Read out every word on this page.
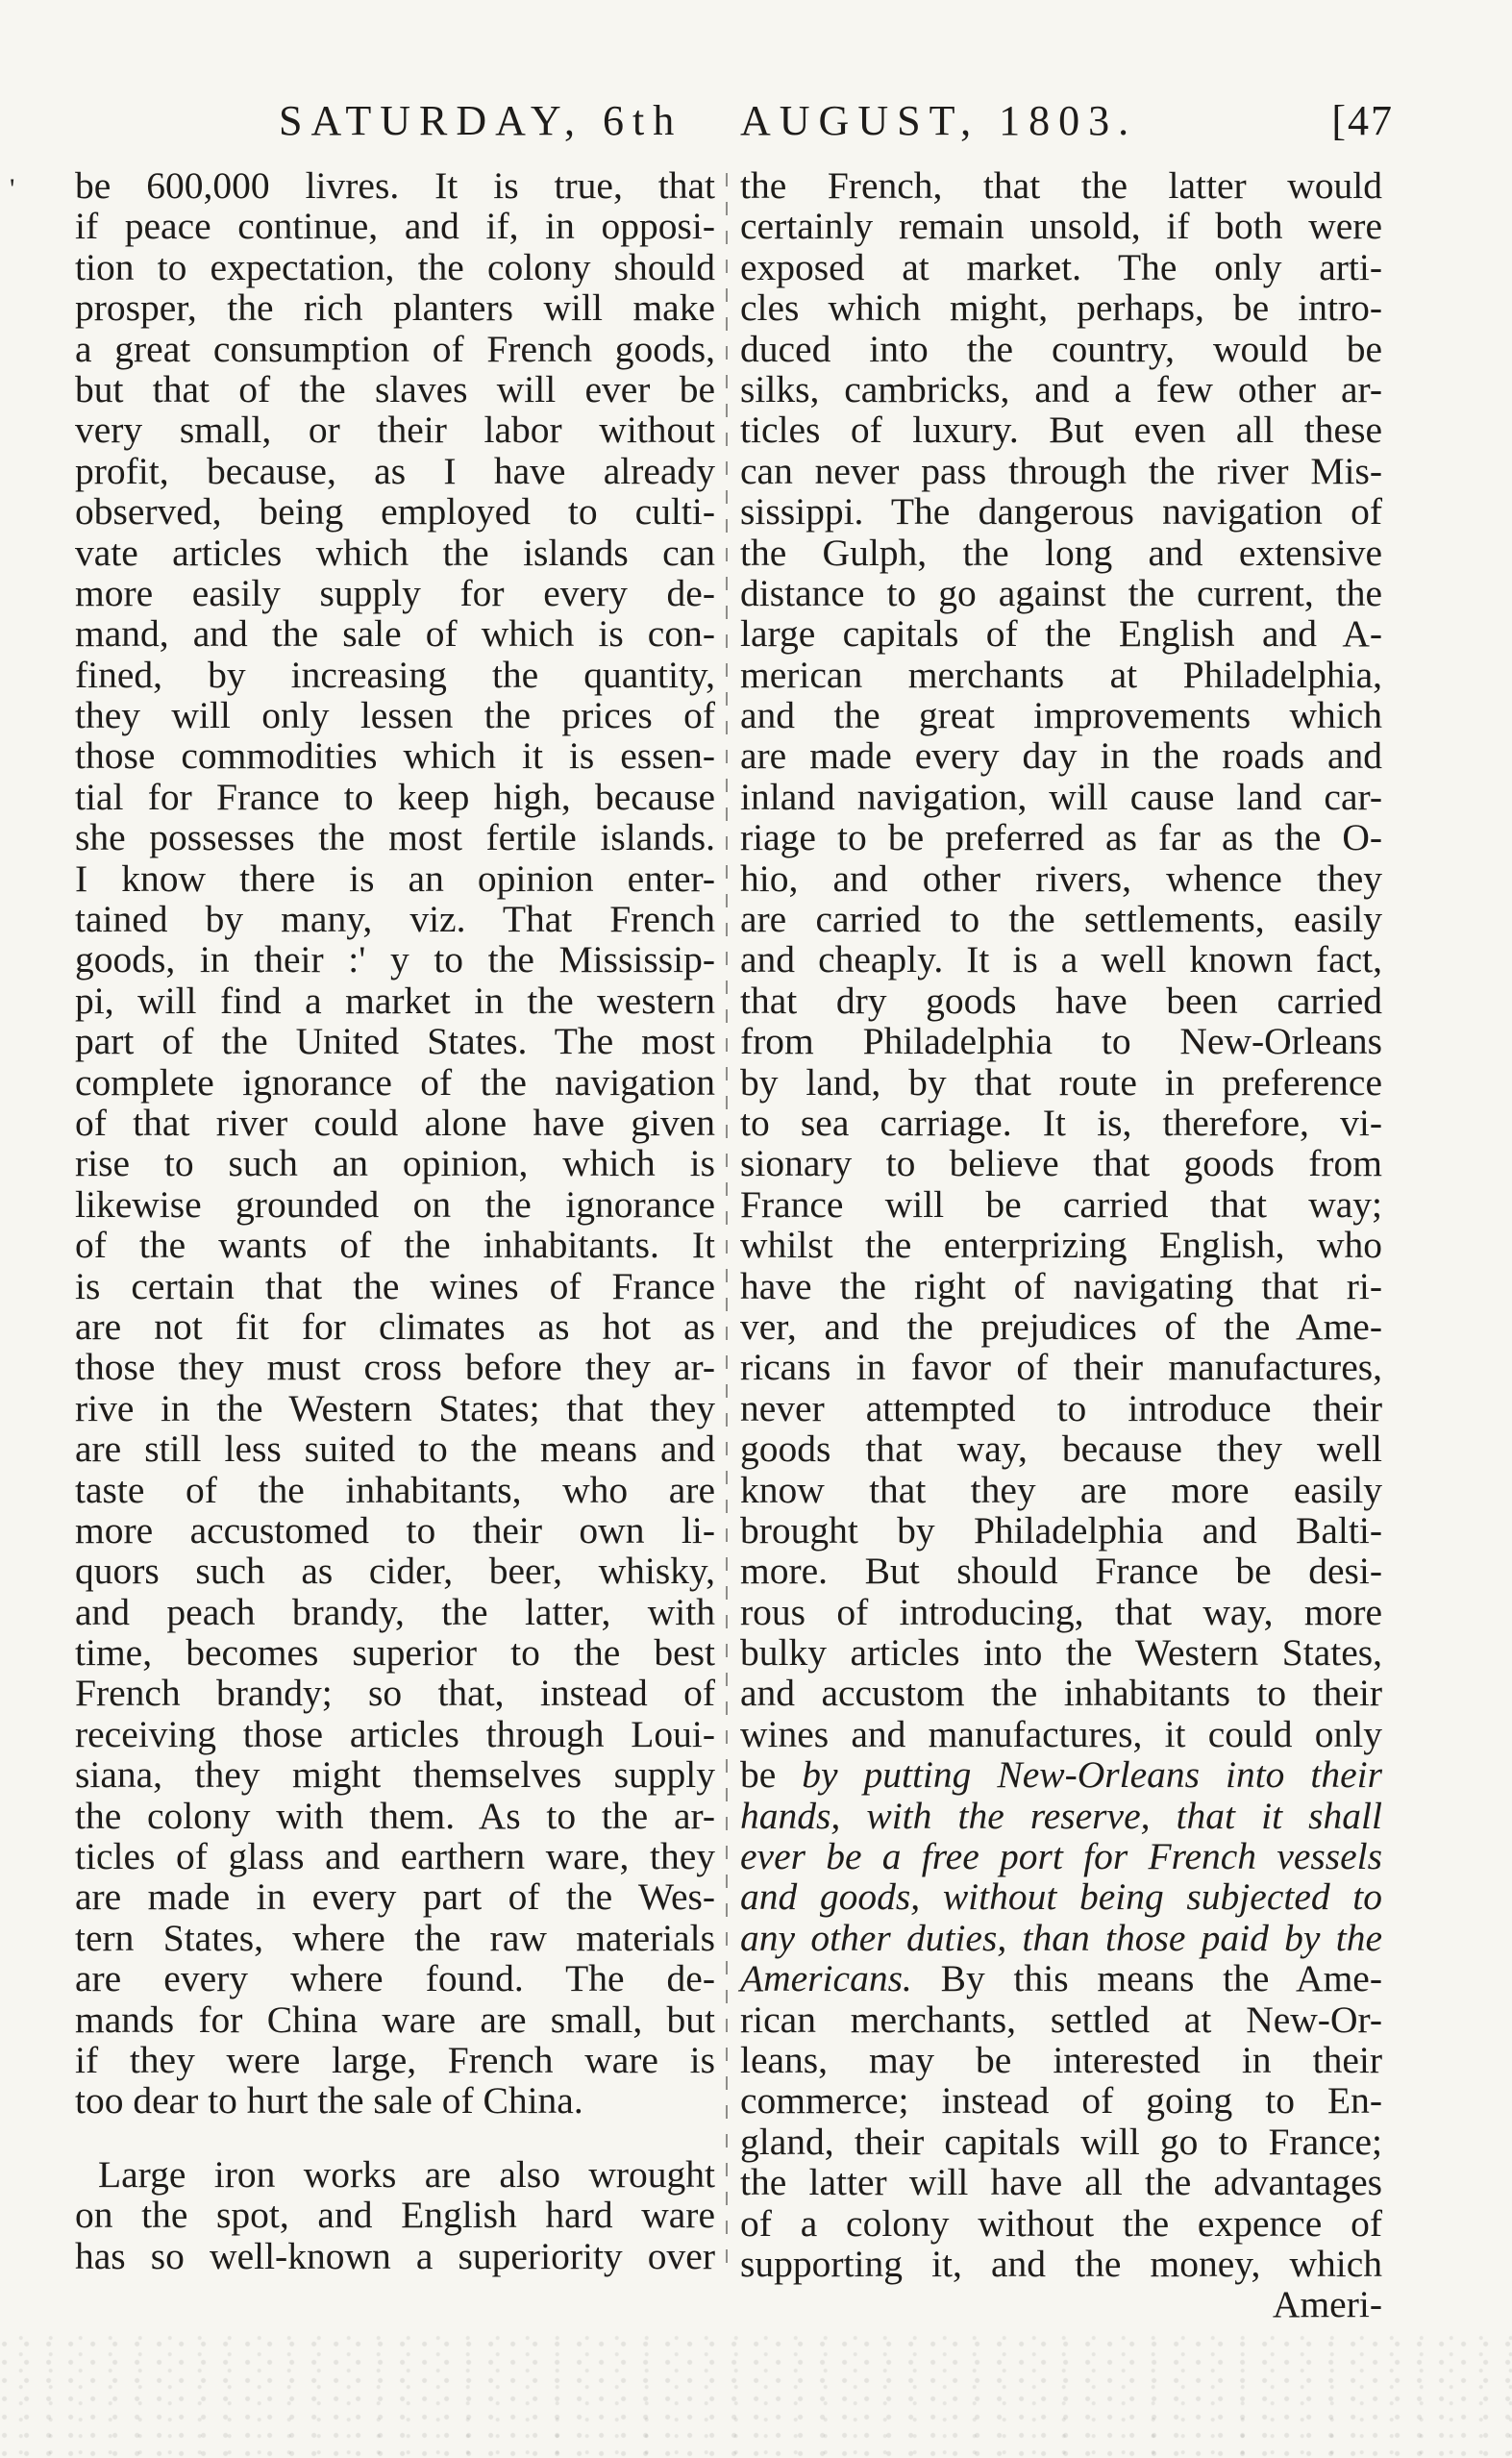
'
SATURDAY, 6th AUGUST, 1803.	[47
be 600,000 livres. It is true, that
if peace continue, and if, in opposi-
tion to expectation, the colony should
prosper, the rich planters will make
a great consumption of French goods,
but that of the slaves will ever be
very small, or their labor without
profit, because, as I have already
observed, being employed to culti-
vate articles which the islands can
more easily supply for every de-
mand, and the sale of which is con-
fined, by increasing the quantity,
they will only lessen the prices of
those commodities which it is essen-
tial for France to keep high, because
she possesses the most fertile islands.
I know there is an opinion enter-
tained by many, viz. That French
goods, in their :' y to the Mississip-
pi, will find a market in the western
part of the United States. The most
complete ignorance of the navigation
of that river could alone have given
rise to such an opinion, which is
likewise grounded on the ignorance
of the wants of the inhabitants. It
is certain that the wines of France
are not fit for climates as hot as
those they must cross before they ar-
rive in the Western States; that they
are still less suited to the means and
taste of the inhabitants, who are
more accustomed to their own li-
quors such as cider, beer, whisky,
and peach brandy, the latter, with
time, becomes superior to the best
French brandy; so that, instead of
receiving those articles through Loui-
siana, they might themselves supply
the colony with them. As to the ar-
ticles of glass and earthern ware, they
are made in every part of the Wes-
tern States, where the raw materials
are every where found. The de-
mands for China ware are small, but
if they were large, French ware is
too dear to hurt the sale of China.
Large iron works are also wrought
on the spot, and English hard ware
has so well-known a superiority over
the French, that the latter would
certainly remain unsold, if both were
exposed at market. The only arti-
cles which might, perhaps, be intro-
duced into the country, would be
silks, cambricks, and a few other ar-
ticles of luxury. But even all these
can never pass through the river Mis-
sissippi. The dangerous navigation of
the Gulph, the long and extensive
distance to go against the current, the
large capitals of the English and A-
merican merchants at Philadelphia,
and the great improvements which
are made every day in the roads and
inland navigation, will cause land car-
riage to be preferred as far as the O-
hio, and other rivers, whence they
are carried to the settlements, easily
and cheaply. It is a well known fact,
that dry goods have been carried
from Philadelphia to New-Orleans
by land, by that route in preference
to sea carriage. It is, therefore, vi-
sionary to believe that goods from
France will be carried that way;
whilst the enterprizing English, who
have the right of navigating that ri-
ver, and the prejudices of the Ame-
ricans in favor of their manufactures,
never attempted to introduce their
goods that way, because they well
know that they are more easily
brought by Philadelphia and Balti-
more. But should France be desi-
rous of introducing, that way, more
bulky articles into the Western States,
and accustom the inhabitants to their
wines and manufactures, it could only
be by putting New-Orleans into their
hands, with the reserve, that it shall
ever be a free port for French vessels
and goods, without being subjected to
any other duties, than those paid by the
Americans. By this means the Ame-
rican merchants, settled at New-Or-
leans, may be interested in their
commerce; instead of going to En-
gland, their capitals will go to France;
the latter will have all the advantages
of a colony without the expence of
supporting it, and the money, which
Ameri-
